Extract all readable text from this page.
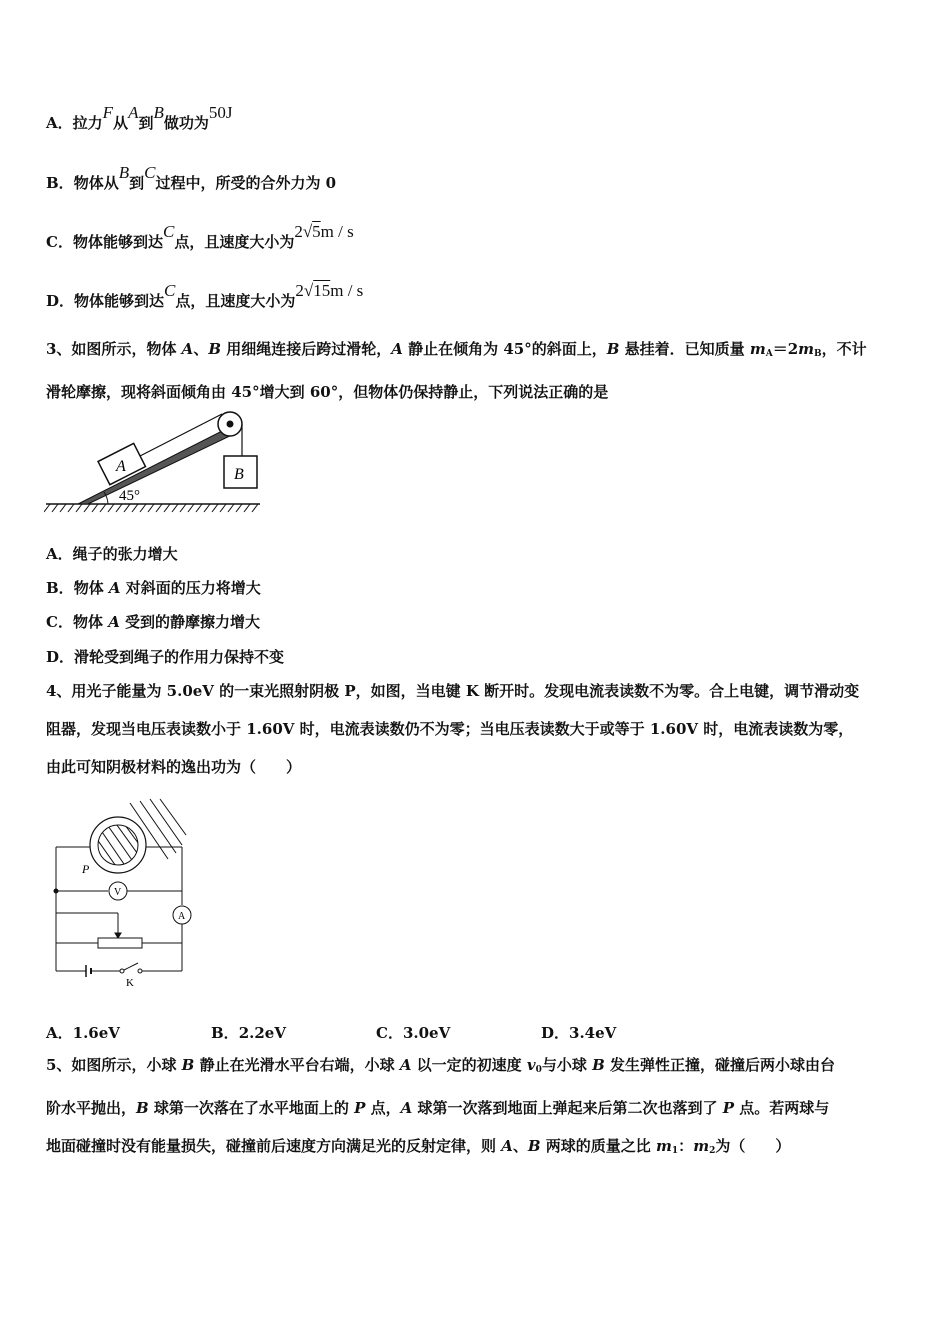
A．拉力F从A到B做功为50J
B．物体从B到C过程中，所受的合外力为 0
C．物体能够到达C点，且速度大小为2√5m / s
D．物体能够到达C点，且速度大小为2√15m / s
3、如图所示，物体 A、B 用细绳连接后跨过滑轮，A 静止在倾角为 45°的斜面上，B 悬挂着．已知质量 $m_A=2m_B$，不计
滑轮摩擦，现将斜面倾角由 45°增大到 60°，但物体仍保持静止，下列说法正确的是
A	B
45°
A．绳子的张力增大
B．物体 A 对斜面的压力将增大
C．物体 A 受到的静摩擦力增大
D．滑轮受到绳子的作用力保持不变
4、用光子能量为 5.0eV 的一束光照射阴极 P，如图，当电键 K 断开时。发现电流表读数不为零。合上电键，调节滑动变
阻器，发现当电压表读数小于 1.60V 时，电流表读数仍不为零；当电压表读数大于或等于 1.60V 时，电流表读数为零，
由此可知阴极材料的逸出功为（　　）
P
V
A
K
A．1.6eV	B．2.2eV	C．3.0eV	D．3.4eV
5、如图所示，小球 B 静止在光滑水平台右端，小球 A 以一定的初速度 $v_0$与小球 B 发生弹性正撞，碰撞后两小球由台
阶水平抛出，B 球第一次落在了水平地面上的 P 点，A 球第一次落到地面上弹起来后第二次也落到了 P 点。若两球与
地面碰撞时没有能量损失，碰撞前后速度方向满足光的反射定律，则 A、B 两球的质量之比 $m_1$：$m_2$为（　　）
